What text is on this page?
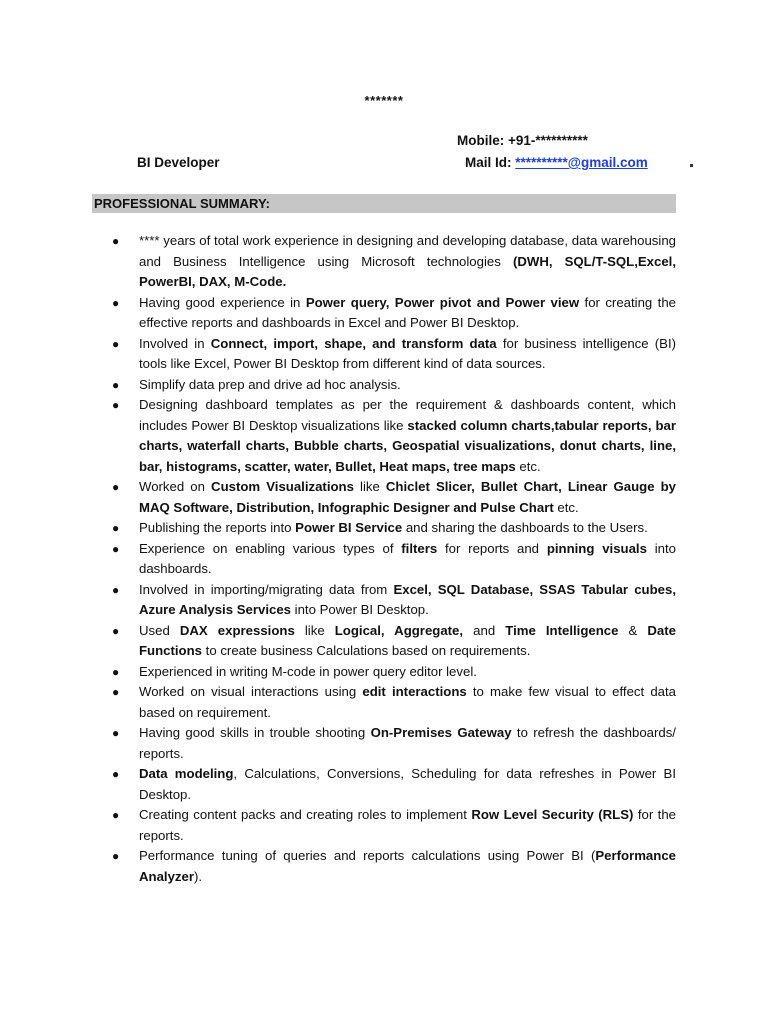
*******
Mobile: +91-**********
BI Developer	Mail Id: **********@gmail.com
PROFESSIONAL SUMMARY:
● **** years of total work experience in designing and developing database, data warehousing and Business Intelligence using Microsoft technologies (DWH, SQL/T-SQL,Excel, PowerBI, DAX, M-Code.
● Having good experience in Power query, Power pivot and Power view for creating the effective reports and dashboards in Excel and Power BI Desktop.
● Involved in Connect, import, shape, and transform data for business intelligence (BI) tools like Excel, Power BI Desktop from different kind of data sources.
● Simplify data prep and drive ad hoc analysis.
● Designing dashboard templates as per the requirement & dashboards content, which includes Power BI Desktop visualizations like stacked column charts,tabular reports, bar charts, waterfall charts, Bubble charts, Geospatial visualizations, donut charts, line, bar, histograms, scatter, water, Bullet, Heat maps, tree maps etc.
● Worked on Custom Visualizations like Chiclet Slicer, Bullet Chart, Linear Gauge by MAQ Software, Distribution, Infographic Designer and Pulse Chart etc.
● Publishing the reports into Power BI Service and sharing the dashboards to the Users.
● Experience on enabling various types of filters for reports and pinning visuals into dashboards.
● Involved in importing/migrating data from Excel, SQL Database, SSAS Tabular cubes, Azure Analysis Services into Power BI Desktop.
● Used DAX expressions like Logical, Aggregate, and Time Intelligence & Date Functions to create business Calculations based on requirements.
● Experienced in writing M-code in power query editor level.
● Worked on visual interactions using edit interactions to make few visual to effect data based on requirement.
● Having good skills in trouble shooting On-Premises Gateway to refresh the dashboards/ reports.
● Data modeling, Calculations, Conversions, Scheduling for data refreshes in Power BI Desktop.
● Creating content packs and creating roles to implement Row Level Security (RLS) for the reports.
● Performance tuning of queries and reports calculations using Power BI (Performance Analyzer).
